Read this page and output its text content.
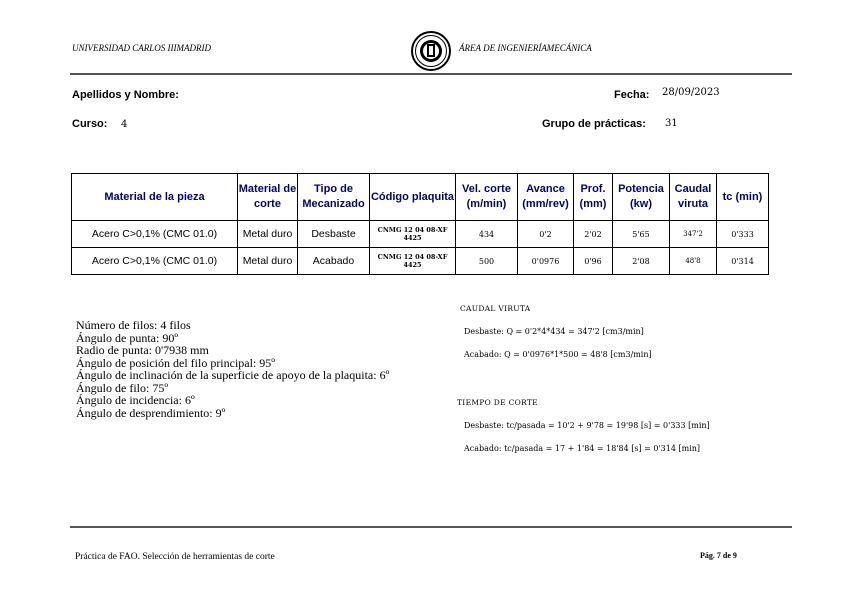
UNIVERSIDAD CARLOS IIIMADRID	ÁREA DE INGENIERÍAMECÁNICA
Apellidos y Nombre:	Fecha: 28/09/2023
Curso: 4	Grupo de prácticas: 31
Material de la pieza	Material de corte	Tipo de Mecanizado	Código plaquita	Vel. corte (m/min)	Avance (mm/rev)	Prof. (mm)	Potencia (kw)	Caudal viruta	tc (min)
Acero C>0,1% (CMC 01.0)	Metal duro	Desbaste	CNMG 12 04 08-XF 4425	434	0'2	2'02	5'65	347'2	0'333
Acero C>0,1% (CMC 01.0)	Metal duro	Acabado	CNMG 12 04 08-XF 4425	500	0'0976	0'96	2'08	48'8	0'314
Número de filos: 4 filos
Ángulo de punta: 90º
Radio de punta: 0'7938 mm
Ángulo de posición del filo principal: 95º
Ángulo de inclinación de la superficie de apoyo de la plaquita: 6º
Ángulo de filo: 75º
Ángulo de incidencia: 6º
Ángulo de desprendimiento: 9º
CAUDAL VIRUTA
Desbaste: Q = 0'2*4*434 = 347'2 [cm3/min]
Acabado: Q = 0'0976*1*500 = 48'8 [cm3/min]
TIEMPO DE CORTE
Desbaste: tc/pasada = 10'2 + 9'78 = 19'98 [s] = 0'333 [min]
Acabado: tc/pasada = 17 + 1'84 = 18'84 [s] = 0'314 [min]
Práctica de FAO. Selección de herramientas de corte	Pág. 7 de 9
